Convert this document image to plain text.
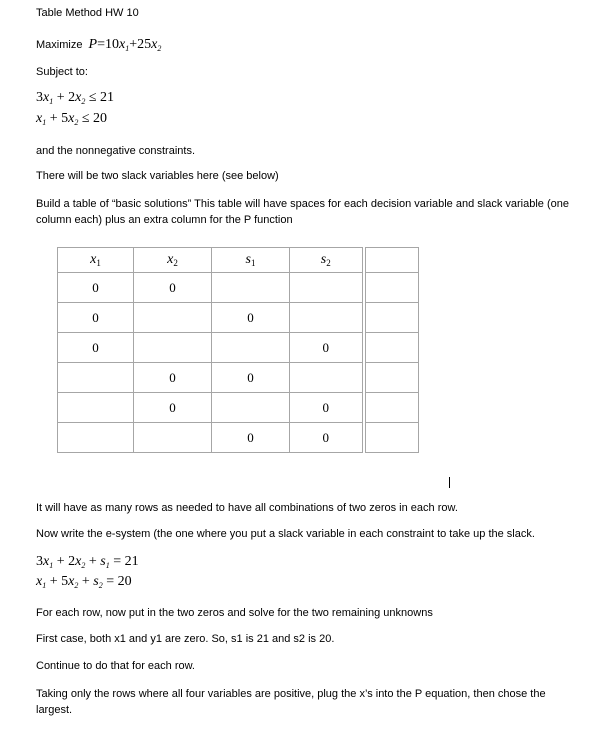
Table Method HW 10
Maximize $P=10x_1+25x_2$
Subject to:
$3x_1 + 2x_2 \le 21$
$x_1 + 5x_2 \le 20$
and the nonnegative constraints.
There will be two slack variables here (see below)
Build a table of “basic solutions” This table will have spaces for each decision variable and slack variable (one column each) plus an extra column for the P function
$x_1$	$x_2$	$s_1$	$s_2$	
0	0			
0		0		
0			0	
	0	0		
	0		0	
		0	0	
It will have as many rows as needed to have all combinations of two zeros in each row.
Now write the e-system (the one where you put a slack variable in each constraint to take up the slack.
$3x_1 + 2x_2 + s_1 = 21$
$x_1 + 5x_2 + s_2 = 20$
For each row, now put in the two zeros and solve for the two remaining unknowns
First case, both x1 and y1 are zero. So, s1 is 21 and s2 is 20.
Continue to do that for each row.
Taking only the rows where all four variables are positive, plug the x’s into the P equation, then chose the largest.
